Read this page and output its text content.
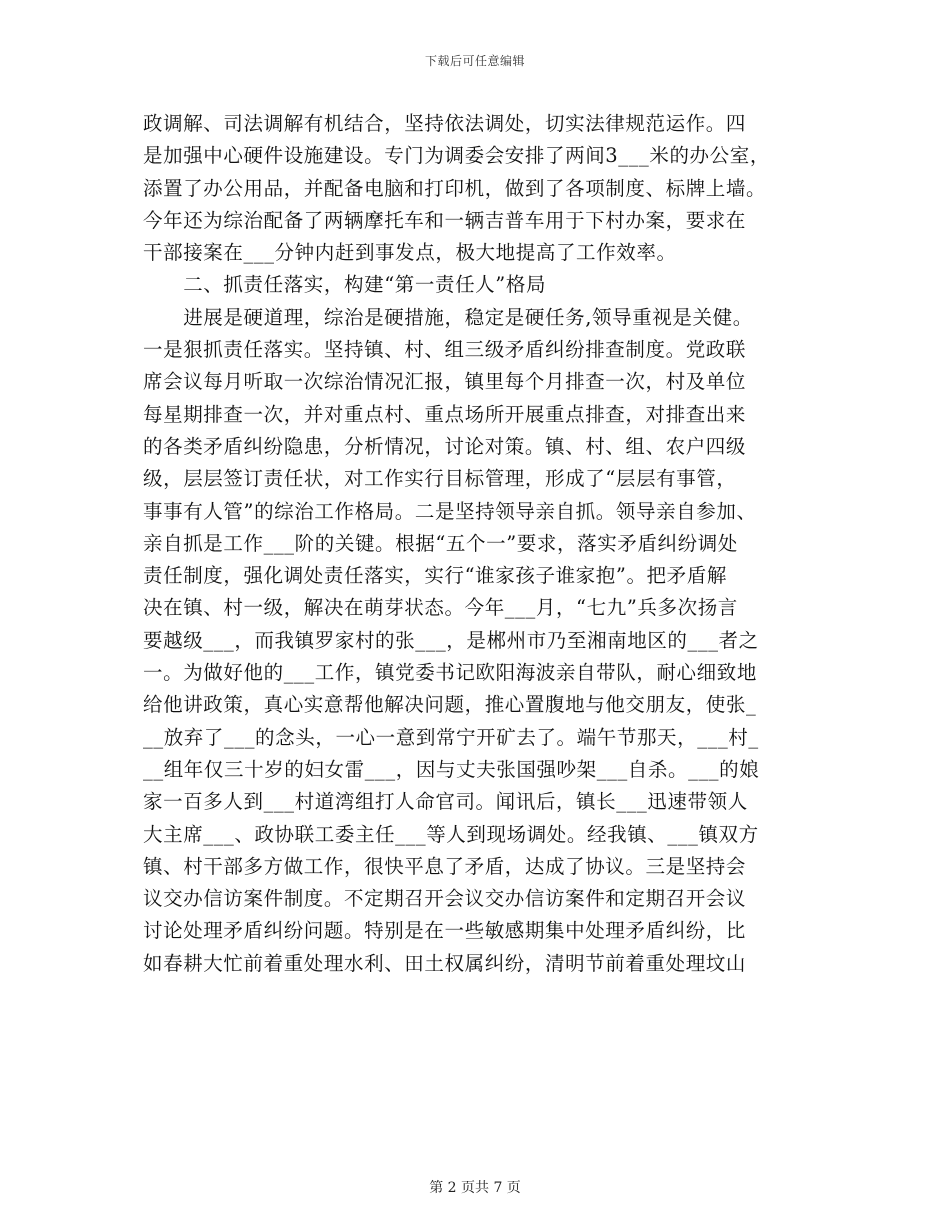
下载后可任意编辑
政调解、司法调解有机结合，坚持依法调处，切实法律规范运作。四
是加强中心硬件设施建设。专门为调委会安排了两间3___米的办公室，
添置了办公用品，并配备电脑和打印机，做到了各项制度、标牌上墙。
今年还为综治配备了两辆摩托车和一辆吉普车用于下村办案，要求在
干部接案在___分钟内赶到事发点，极大地提高了工作效率。
　　二、抓责任落实，构建“第一责任人”格局
　　进展是硬道理，综治是硬措施，稳定是硬任务,领导重视是关健。
一是狠抓责任落实。坚持镇、村、组三级矛盾纠纷排查制度。党政联
席会议每月听取一次综治情况汇报，镇里每个月排查一次，村及单位
每星期排查一次，并对重点村、重点场所开展重点排查，对排查出来
的各类矛盾纠纷隐患，分析情况，讨论对策。镇、村、组、农户四级
级，层层签订责任状，对工作实行目标管理，形成了“层层有事管，
事事有人管”的综治工作格局。二是坚持领导亲自抓。领导亲自参加、
亲自抓是工作___阶的关键。根据“五个一”要求，落实矛盾纠纷调处
责任制度，强化调处责任落实，实行“谁家孩子谁家抱”。把矛盾解
决在镇、村一级，解决在萌芽状态。今年___月，“七九”兵多次扬言
要越级___，而我镇罗家村的张___，是郴州市乃至湘南地区的___者之
一。为做好他的___工作，镇党委书记欧阳海波亲自带队，耐心细致地
给他讲政策，真心实意帮他解决问题，推心置腹地与他交朋友，使张_
__放弃了___的念头，一心一意到常宁开矿去了。端午节那天，___村_
__组年仅三十岁的妇女雷___，因与丈夫张国强吵架___自杀。___的娘
家一百多人到___村道湾组打人命官司。闻讯后，镇长___迅速带领人
大主席___、政协联工委主任___等人到现场调处。经我镇、___镇双方
镇、村干部多方做工作，很快平息了矛盾，达成了协议。三是坚持会
议交办信访案件制度。不定期召开会议交办信访案件和定期召开会议
讨论处理矛盾纠纷问题。特别是在一些敏感期集中处理矛盾纠纷，比
如春耕大忙前着重处理水利、田土权属纠纷，清明节前着重处理坟山
第 2 页共 7 页
